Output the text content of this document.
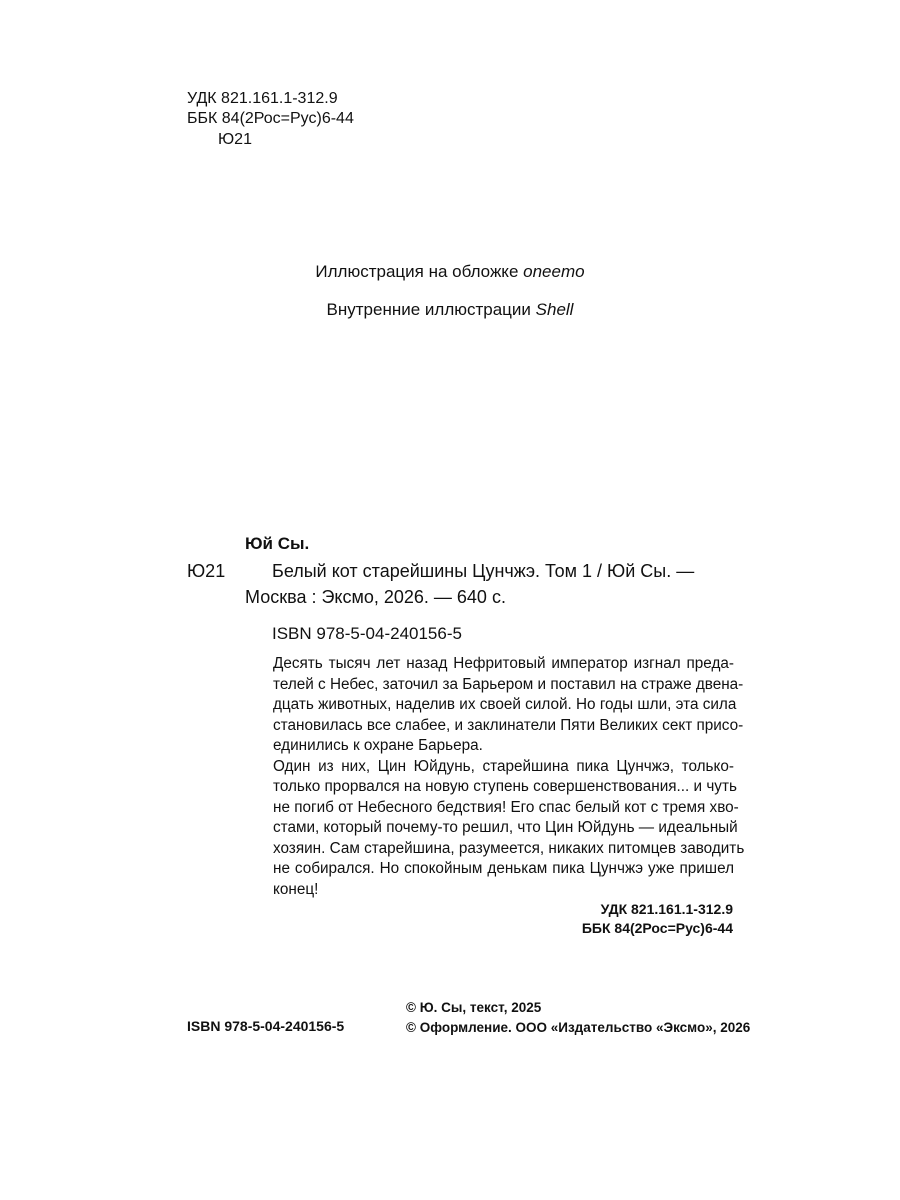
УДК 821.161.1-312.9
ББК 84(2Рос=Рус)6-44
Ю21
Иллюстрация на обложке oneemo
Внутренние иллюстрации Shell
Юй Сы.
Ю21	Белый кот старейшины Цунчжэ. Том 1 / Юй Сы. —
Москва : Эксмо, 2026. — 640 с.
ISBN 978-5-04-240156-5
Десять тысяч лет назад Нефритовый император изгнал преда-
телей с Небес, заточил за Барьером и поставил на страже двена-
дцать животных, наделив их своей силой. Но годы шли, эта сила
становилась все слабее, и заклинатели Пяти Великих сект присо-
единились к охране Барьера.
Один из них, Цин Юйдунь, старейшина пика Цунчжэ, только-
только прорвался на новую ступень совершенствования... и чуть
не погиб от Небесного бедствия! Его спас белый кот с тремя хво-
стами, который почему-то решил, что Цин Юйдунь — идеальный
хозяин. Сам старейшина, разумеется, никаких питомцев заводить
не собирался. Но спокойным денькам пика Цунчжэ уже пришел
конец!
УДК 821.161.1-312.9
ББК 84(2Рос=Рус)6-44
ISBN 978-5-04-240156-5
© Ю. Сы, текст, 2025
© Оформление. ООО «Издательство «Эксмо», 2026
